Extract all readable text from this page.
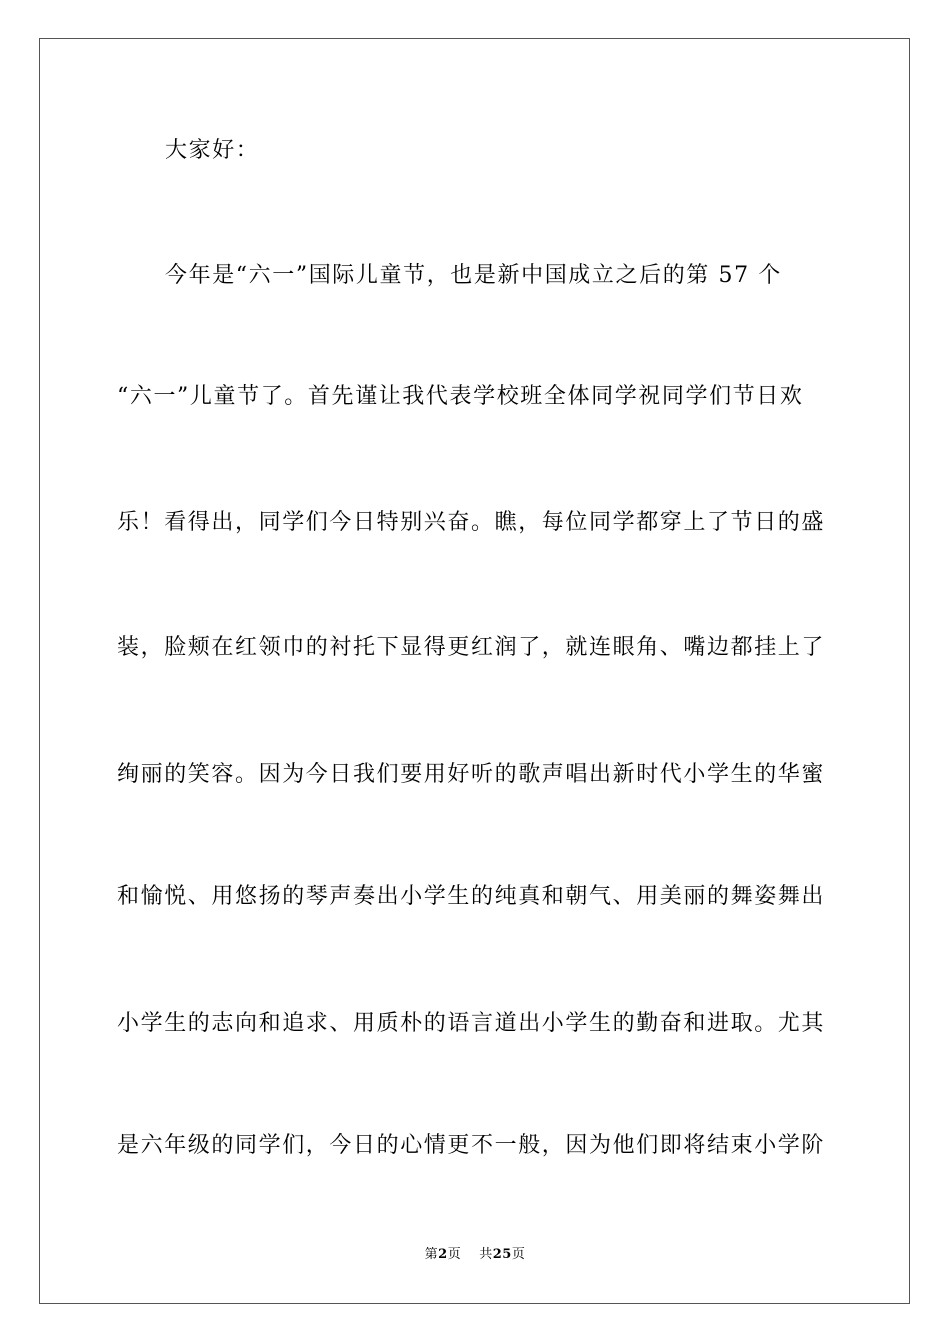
大家好：
今年是“六一”国际儿童节，也是新中国成立之后的第 57 个
“六一”儿童节了。首先谨让我代表学校班全体同学祝同学们节日欢
乐！看得出，同学们今日特别兴奋。瞧，每位同学都穿上了节日的盛
装，脸颊在红领巾的衬托下显得更红润了，就连眼角、嘴边都挂上了
绚丽的笑容。因为今日我们要用好听的歌声唱出新时代小学生的华蜜
和愉悦、用悠扬的琴声奏出小学生的纯真和朝气、用美丽的舞姿舞出
小学生的志向和追求、用质朴的语言道出小学生的勤奋和进取。尤其
是六年级的同学们，今日的心情更不一般，因为他们即将结束小学阶
第2页 共25页
